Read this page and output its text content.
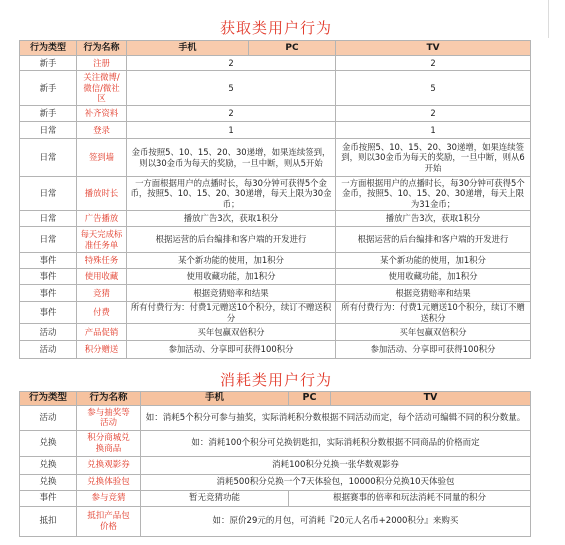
获取类用户行为
行为类型	行为名称	手机	PC	TV
新手	注册	2		2
新手	关注微博/微信/微社区	5		5
新手	补齐资料	2		2
日常	登录	1		1
日常	签到墙	金币按照5、10、15、20、30递增，如果连续签到，则以30金币为每天的奖励，一旦中断，则从5开始		金币按照5、10、15、20、30递增，如果连续签到，则以30金币为每天的奖励，一旦中断，则从6开始
日常	播放时长	一方面根据用户的点播时长，每30分钟可获得5个金币，按照5、10、15、20、30递增，每天上限为30金币；		一方面根据用户的点播时长，每30分钟可获得5个金币，按照5、10、15、20、30递增，每天上限为31金币；
日常	广告播放	播放广告3次，获取1积分		播放广告3次，获取1积分
日常	每天完成标准任务单	根据运营的后台编排和客户端的开发进行		根据运营的后台编排和客户端的开发进行
事件	特殊任务	某个新功能的使用，加1积分		某个新功能的使用，加1积分
事件	使用收藏	使用收藏功能，加1积分		使用收藏功能，加1积分
事件	竞猜	根据竞猜赔率和结果		根据竞猜赔率和结果
事件	付费	所有付费行为：付费1元赠送10个积分，续订不赠送积分		所有付费行为：付费1元赠送10个积分，续订不赠送积分
活动	产品促销	买年包赢双倍积分		买年包赢双倍积分
活动	积分赠送	参加活动、分享即可获得100积分		参加活动、分享即可获得100积分
消耗类用户行为
行为类型	行为名称	手机	PC	TV
活动	参与抽奖等活动	如：消耗5个积分可参与抽奖，实际消耗积分数根据不同活动而定，每个活动可编辑不同的积分数量。		
兑换	积分商城兑换商品	如：消耗100个积分可兑换钥匙扣，实际消耗积分数根据不同商品的价格而定		
兑换	兑换观影券	消耗100积分兑换一张华数观影券		
兑换	兑换体验包	消耗500积分兑换一个7天体验包，10000积分兑换10天体验包		
事件	参与竞猜	暂无竞猜功能	根据赛事的倍率和玩法消耗不同量的积分	
抵扣	抵扣产品包价格	如：原价29元的月包，可消耗『20元人名币+2000积分』来购买		
